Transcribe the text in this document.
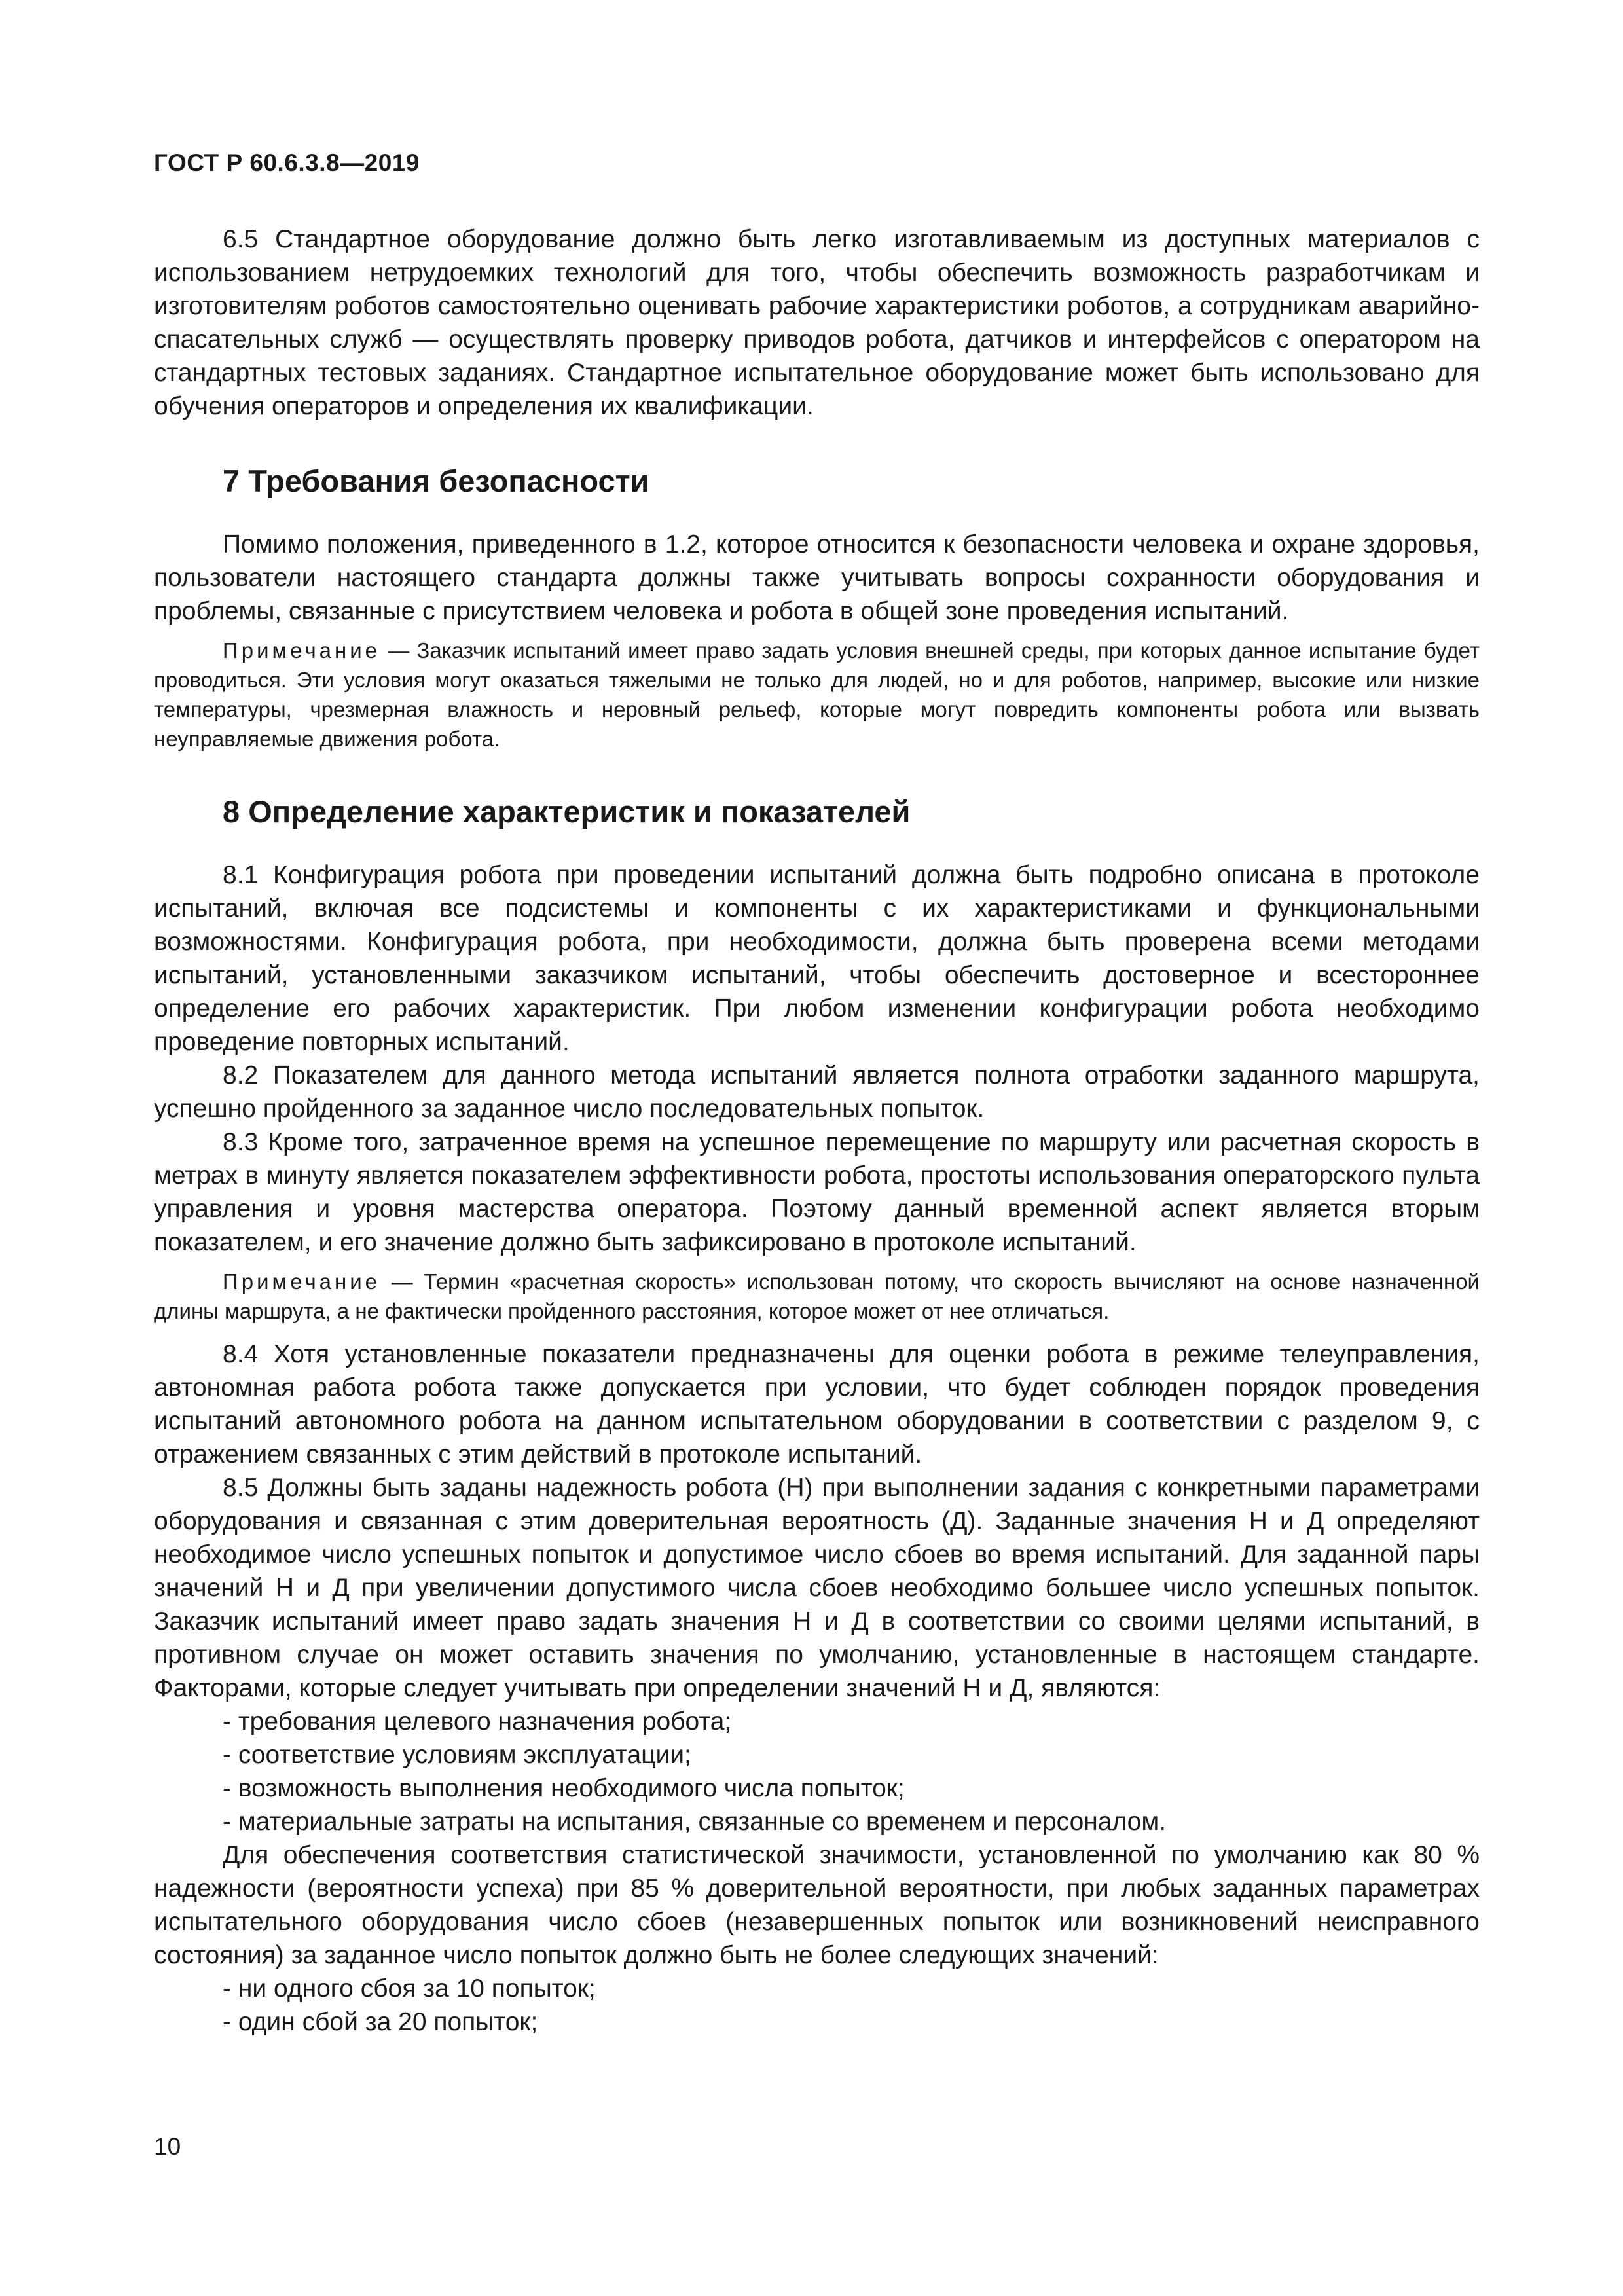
ГОСТ Р 60.6.3.8—2019

6.5 Стандартное оборудование должно быть легко изготавливаемым из доступных материалов с использованием нетрудоемких технологий для того, чтобы обеспечить возможность разработчикам и изготовителям роботов самостоятельно оценивать рабочие характеристики роботов, а сотрудникам аварийно-спасательных служб — осуществлять проверку приводов робота, датчиков и интерфейсов с оператором на стандартных тестовых заданиях. Стандартное испытательное оборудование может быть использовано для обучения операторов и определения их квалификации.

7 Требования безопасности

Помимо положения, приведенного в 1.2, которое относится к безопасности человека и охране здоровья, пользователи настоящего стандарта должны также учитывать вопросы сохранности оборудования и проблемы, связанные с присутствием человека и робота в общей зоне проведения испытаний.

Примечание — Заказчик испытаний имеет право задать условия внешней среды, при которых данное испытание будет проводиться. Эти условия могут оказаться тяжелыми не только для людей, но и для роботов, например, высокие или низкие температуры, чрезмерная влажность и неровный рельеф, которые могут повредить компоненты робота или вызвать неуправляемые движения робота.
8 Определение характеристик и показателей

8.1 Конфигурация робота при проведении испытаний должна быть подробно описана в протоколе испытаний, включая все подсистемы и компоненты с их характеристиками и функциональными возможностями. Конфигурация робота, при необходимости, должна быть проверена всеми методами испытаний, установленными заказчиком испытаний, чтобы обеспечить достоверное и всестороннее определение его рабочих характеристик. При любом изменении конфигурации робота необходимо проведение повторных испытаний.

8.2 Показателем для данного метода испытаний является полнота отработки заданного маршрута, успешно пройденного за заданное число последовательных попыток.

8.3 Кроме того, затраченное время на успешное перемещение по маршруту или расчетная скорость в метрах в минуту является показателем эффективности робота, простоты использования операторского пульта управления и уровня мастерства оператора. Поэтому данный временной аспект является вторым показателем, и его значение должно быть зафиксировано в протоколе испытаний.

Примечание — Термин «расчетная скорость» использован потому, что скорость вычисляют на основе назначенной длины маршрута, а не фактически пройденного расстояния, которое может от нее отличаться.

8.4 Хотя установленные показатели предназначены для оценки робота в режиме телеуправления, автономная работа робота также допускается при условии, что будет соблюден порядок проведения испытаний автономного робота на данном испытательном оборудовании в соответствии с разделом 9, с отражением связанных с этим действий в протоколе испытаний.

8.5 Должны быть заданы надежность робота (Н) при выполнении задания с конкретными параметрами оборудования и связанная с этим доверительная вероятность (Д). Заданные значения Н и Д определяют необходимое число успешных попыток и допустимое число сбоев во время испытаний. Для заданной пары значений Н и Д при увеличении допустимого числа сбоев необходимо большее число успешных попыток. Заказчик испытаний имеет право задать значения Н и Д в соответствии со своими целями испытаний, в противном случае он может оставить значения по умолчанию, установленные в настоящем стандарте. Факторами, которые следует учитывать при определении значений Н и Д, являются:

- требования целевого назначения робота;
- соответствие условиям эксплуатации;
- возможность выполнения необходимого числа попыток;
- материальные затраты на испытания, связанные со временем и персоналом.

Для обеспечения соответствия статистической значимости, установленной по умолчанию как 80 % надежности (вероятности успеха) при 85 % доверительной вероятности, при любых заданных параметрах испытательного оборудования число сбоев (незавершенных попыток или возникновений неисправного состояния) за заданное число попыток должно быть не более следующих значений:

- ни одного сбоя за 10 попыток;
- один сбой за 20 попыток;
10
